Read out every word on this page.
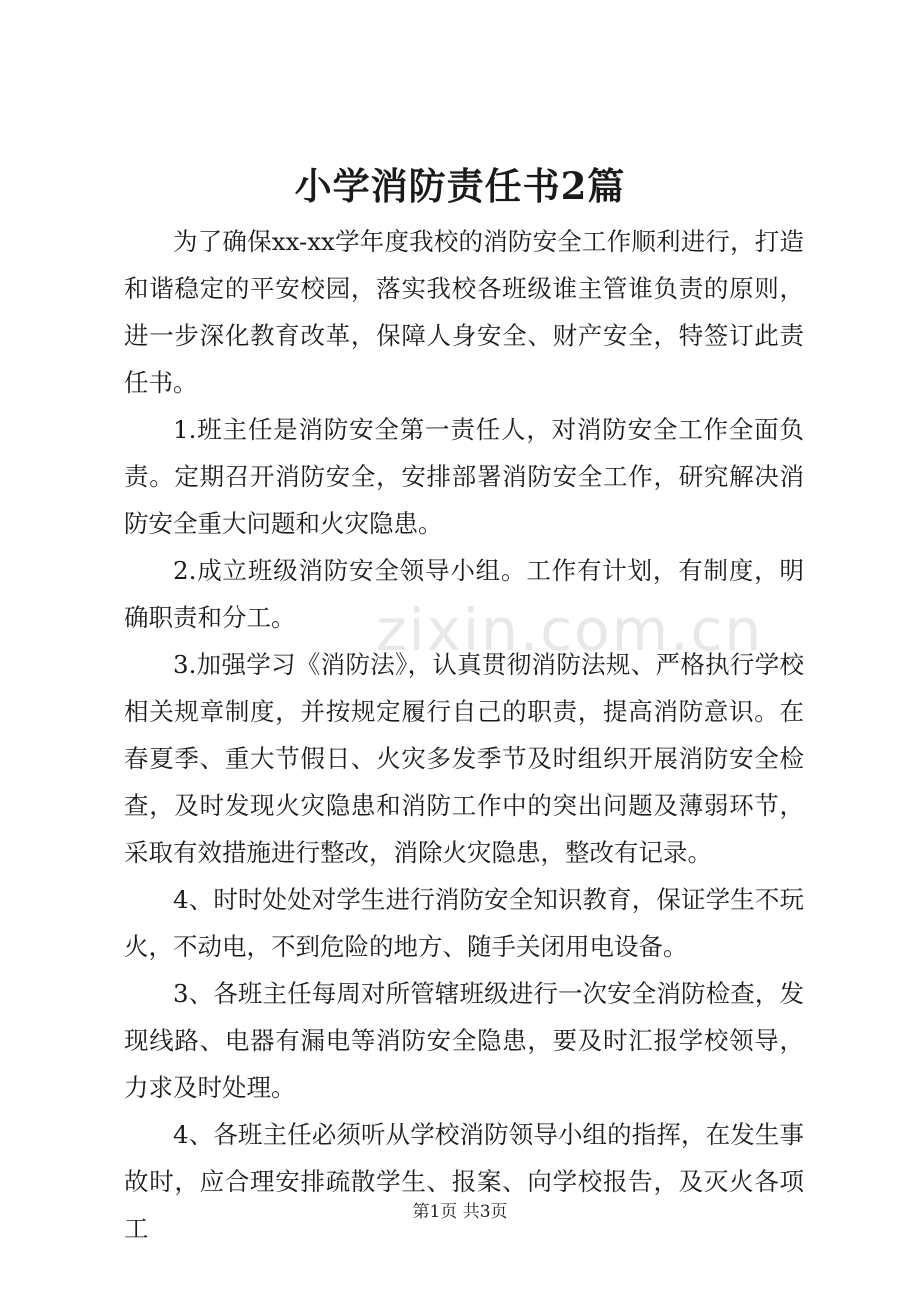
zixin.com.cn
小学消防责任书2篇

为了确保xx-xx学年度我校的消防安全工作顺利进行，打造和谐稳定的平安校园，落实我校各班级谁主管谁负责的原则，进一步深化教育改革，保障人身安全、财产安全，特签订此责任书。

1.班主任是消防安全第一责任人，对消防安全工作全面负责。定期召开消防安全，安排部署消防安全工作，研究解决消防安全重大问题和火灾隐患。

2.成立班级消防安全领导小组。工作有计划，有制度，明确职责和分工。

3.加强学习《消防法》，认真贯彻消防法规、严格执行学校相关规章制度，并按规定履行自己的职责，提高消防意识。在春夏季、重大节假日、火灾多发季节及时组织开展消防安全检查，及时发现火灾隐患和消防工作中的突出问题及薄弱环节，采取有效措施进行整改，消除火灾隐患，整改有记录。

4、时时处处对学生进行消防安全知识教育，保证学生不玩火，不动电，不到危险的地方、随手关闭用电设备。

3、各班主任每周对所管辖班级进行一次安全消防检查，发现线路、电器有漏电等消防安全隐患，要及时汇报学校领导，力求及时处理。

4、各班主任必须听从学校消防领导小组的指挥，在发生事故时，应合理安排疏散学生、报案、向学校报告，及灭火各项工

第1页 共3页
